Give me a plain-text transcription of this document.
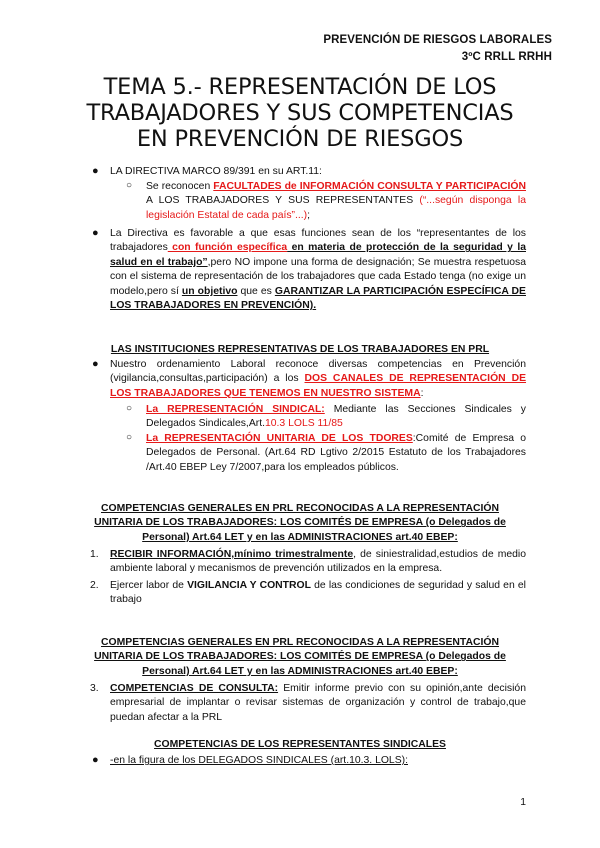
PREVENCIÓN DE RIESGOS LABORALES
3ºC RRLL RRHH
TEMA 5.- REPRESENTACIÓN DE LOS
TRABAJADORES Y SUS COMPETENCIAS
EN PREVENCIÓN DE RIESGOS
● LA DIRECTIVA MARCO 89/391 en su ART.11:
○ Se reconocen FACULTADES de INFORMACIÓN CONSULTA Y PARTICIPACIÓN A LOS TRABAJADORES Y SUS REPRESENTANTES (“...según disponga la legislación Estatal de cada país”...);
● La Directiva es favorable a que esas funciones sean de los “representantes de los trabajadores con función específica en materia de protección de la seguridad y la salud en el trabajo”,pero NO impone una forma de designación; Se muestra respetuosa con el sistema de representación de los trabajadores que cada Estado tenga (no exige un modelo,pero sí un objetivo que es GARANTIZAR LA PARTICIPACIÓN ESPECÍFICA DE LOS TRABAJADORES EN PREVENCIÓN).
LAS INSTITUCIONES REPRESENTATIVAS DE LOS TRABAJADORES EN PRL
● Nuestro ordenamiento Laboral reconoce diversas competencias en Prevención (vigilancia,consultas,participación) a los DOS CANALES DE REPRESENTACIÓN DE LOS TRABAJADORES QUE TENEMOS EN NUESTRO SISTEMA:
○ La REPRESENTACIÓN SINDICAL: Mediante las Secciones Sindicales y Delegados Sindicales,Art.10.3 LOLS 11/85
○ La REPRESENTACIÓN UNITARIA DE LOS TDORES:Comité de Empresa o Delegados de Personal. (Art.64 RD Lgtivo 2/2015 Estatuto de los Trabajadores /Art.40 EBEP Ley 7/2007,para los empleados públicos.
COMPETENCIAS GENERALES EN PRL RECONOCIDAS A LA REPRESENTACIÓN
UNITARIA DE LOS TRABAJADORES: LOS COMITÉS DE EMPRESA (o Delegados de
Personal) Art.64 LET y en las ADMINISTRACIONES art.40 EBEP:
1. RECIBIR INFORMACIÓN,mínimo trimestralmente, de siniestralidad,estudios de medio ambiente laboral y mecanismos de prevención utilizados en la empresa.
2. Ejercer labor de VIGILANCIA Y CONTROL de las condiciones de seguridad y salud en el trabajo
COMPETENCIAS GENERALES EN PRL RECONOCIDAS A LA REPRESENTACIÓN
UNITARIA DE LOS TRABAJADORES: LOS COMITÉS DE EMPRESA (o Delegados de
Personal) Art.64 LET y en las ADMINISTRACIONES art.40 EBEP:
3. COMPETENCIAS DE CONSULTA: Emitir informe previo con su opinión,ante decisión empresarial de implantar o revisar sistemas de organización y control de trabajo,que puedan afectar a la PRL
COMPETENCIAS DE LOS REPRESENTANTES SINDICALES
● -en la figura de los DELEGADOS SINDICALES (art.10.3. LOLS):
1
